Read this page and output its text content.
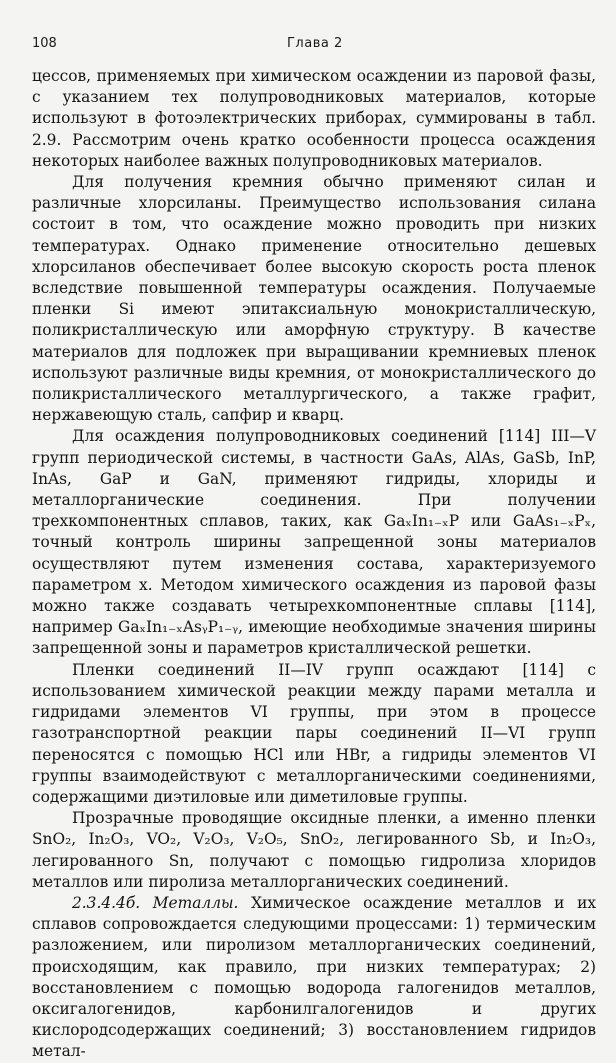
108	Глава 2

цессов, применяемых при химическом осаждении из паровой фазы, с указанием тех полупроводниковых материалов, которые используют в фотоэлектрических приборах, суммированы в табл. 2.9. Рассмотрим очень кратко особенности процесса осаждения некоторых наиболее важных полупроводниковых материалов.

Для получения кремния обычно применяют силан и различные хлорсиланы. Преимущество использования силана состоит в том, что осаждение можно проводить при низких температурах. Однако применение относительно дешевых хлорсиланов обеспечивает более высокую скорость роста пленок вследствие повышенной температуры осаждения. Получаемые пленки Si имеют эпитаксиальную монокристаллическую, поликристаллическую или аморфную структуру. В качестве материалов для подложек при выращивании кремниевых пленок используют различные виды кремния, от монокристаллического до поликристаллического металлургического, а также графит, нержавеющую сталь, сапфир и кварц.

Для осаждения полупроводниковых соединений [114] III—V групп периодической системы, в частности GaAs, AlAs, GaSb, InP, InAs, GaP и GaN, применяют гидриды, хлориды и металлорганические соединения. При получении трехкомпонентных сплавов, таких, как GaₓIn₁₋ₓP или GaAs₁₋ₓPₓ, точный контроль ширины запрещенной зоны материалов осуществляют путем изменения состава, характеризуемого параметром x. Методом химического осаждения из паровой фазы можно также создавать четырехкомпонентные сплавы [114], например GaₓIn₁₋ₓAsᵧP₁₋ᵧ, имеющие необходимые значения ширины запрещенной зоны и параметров кристаллической решетки.

Пленки соединений II—IV групп осаждают [114] с использованием химической реакции между парами металла и гидридами элементов VI группы, при этом в процессе газотранспортной реакции пары соединений II—VI групп переносятся с помощью HCl или HBr, а гидриды элементов VI группы взаимодействуют с металлорганическими соединениями, содержащими диэтиловые или диметиловые группы.

Прозрачные проводящие оксидные пленки, а именно пленки SnO₂, In₂O₃, VO₂, V₂O₃, V₂O₅, SnO₂, легированного Sb, и In₂O₃, легированного Sn, получают с помощью гидролиза хлоридов металлов или пиролиза металлорганических соединений.

2.3.4.4б. Металлы. Химическое осаждение металлов и их сплавов сопровождается следующими процессами: 1) термическим разложением, или пиролизом металлорганических соединений, происходящим, как правило, при низких температурах; 2) восстановлением с помощью водорода галогенидов металлов, оксигалогенидов, карбонилгалогенидов и других кислородсодержащих соединений; 3) восстановлением гидридов метал-
